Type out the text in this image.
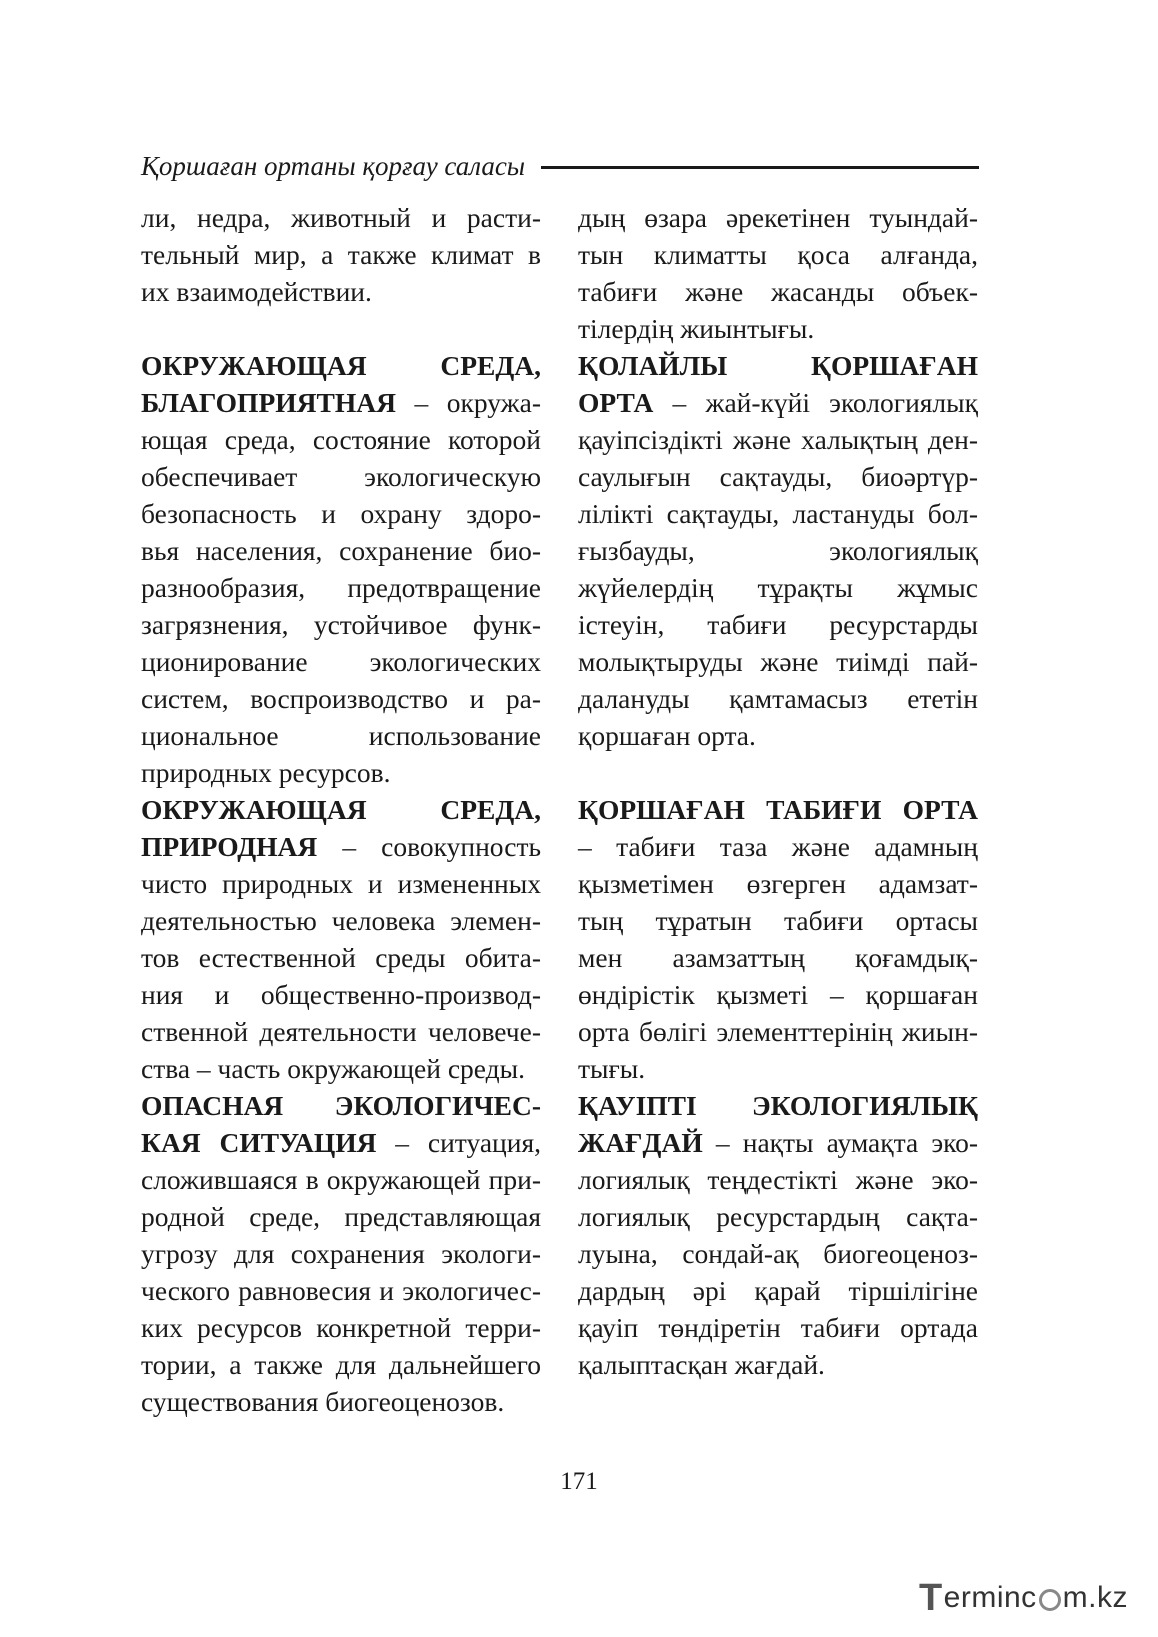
Қоршаған ортаны қорғау саласы
ли, недра, животный и расти-
тельный мир, а также климат в
их взаимодействии.
ОКРУЖАЮЩАЯ СРЕДА,
БЛАГОПРИЯТНАЯ – окружа-
ющая среда, состояние которой
обеспечивает экологическую
безопасность и охрану здоро-
вья населения, сохранение био-
разнообразия, предотвращение
загрязнения, устойчивое функ-
ционирование экологических
систем, воспроизводство и ра-
циональное использование
природных ресурсов.
ОКРУЖАЮЩАЯ СРЕДА,
ПРИРОДНАЯ – совокупность
чисто природных и измененных
деятельностью человека элемен-
тов естественной среды обита-
ния и общественно-производ-
ственной деятельности человече-
ства – часть окружающей среды.
ОПАСНАЯ ЭКОЛОГИЧЕС-
КАЯ СИТУАЦИЯ – ситуация,
сложившаяся в окружающей при-
родной среде, представляющая
угрозу для сохранения экологи-
ческого равновесия и экологичес-
ких ресурсов конкретной терри-
тории, а также для дальнейшего
существования биогеоценозов.
дың өзара әрекетінен туындай-
тын климатты қоса алғанда,
табиғи және жасанды объек-
тілердің жиынтығы.
ҚОЛАЙЛЫ ҚОРШАҒАН
ОРТА – жай-күйі экологиялық
қауіпсіздікті және халықтың ден-
саулығын сақтауды, биоәртүр-
лілікті сақтауды, ластануды бол-
ғызбауды, экологиялық
жүйелердің тұрақты жұмыс
істеуін, табиғи ресурстарды
молықтыруды және тиімді пай-
далануды қамтамасыз ететін
қоршаған орта.
ҚОРШАҒАН ТАБИҒИ ОРТА
– табиғи таза және адамның
қызметімен өзгерген адамзат-
тың тұратын табиғи ортасы
мен азамзаттың қоғамдық-
өндірістік қызметі – қоршаған
орта бөлігі элементтерінің жиын-
тығы.
ҚАУІПТІ ЭКОЛОГИЯЛЫҚ
ЖАҒДАЙ – нақты аумақта эко-
логиялық теңдестікті және эко-
логиялық ресурстардың сақта-
луына, сондай-ақ биогеоценоз-
дардың әрі қарай тіршілігіне
қауіп төндіретін табиғи ортада
қалыптасқан жағдай.
171
T erminc m.kz
